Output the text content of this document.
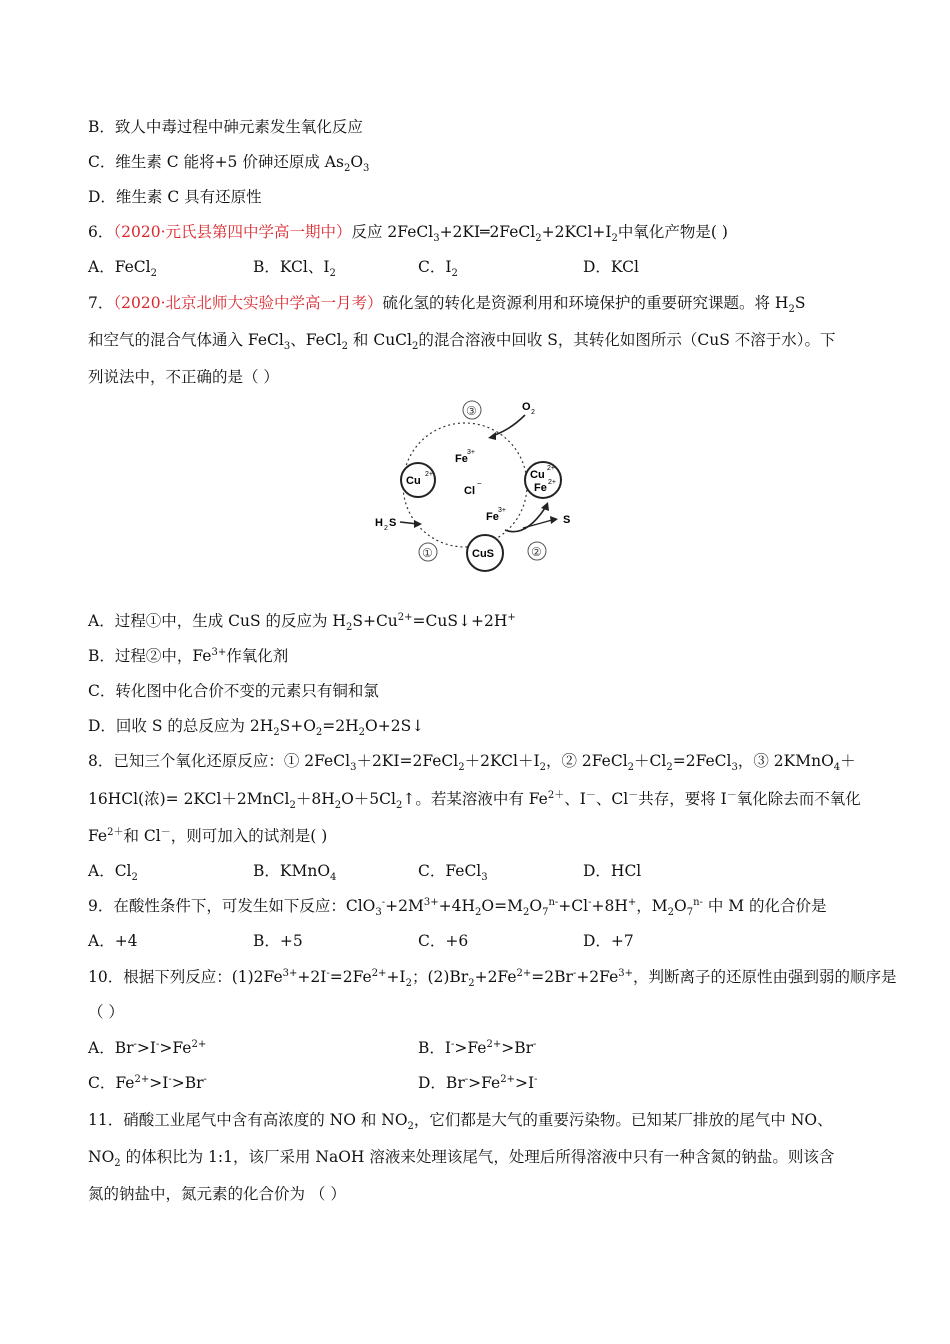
B．致人中毒过程中砷元素发生氧化反应
C．维生素 C 能将+5 价砷还原成 $As_2O_3$
D．维生素 C 具有还原性
6．（2020·元氏县第四中学高一期中）反应 $2FeCl_3+2KI═2FeCl_2+2KCl+I_2$中氧化产物是( )
A．FeCl$_2$	B．KCl、$I_2$	C．$I_2$	D．KCl
7．（2020·北京北师大实验中学高一月考）硫化氢的转化是资源利用和环境保护的重要研究课题。将 $H_2S$
和空气的混合气体通入 FeCl$_3$、FeCl$_2$ 和 CuCl$_2$的混合溶液中回收 S，其转化如图所示（CuS 不溶于水）。下
列说法中，不正确的是（ ）
Cu
2+	Cu
2+
Fe 2+
CuS
Cl
−
③	O 2
Fe
3+
H 2 S
①
Fe
3+
S
②
A．过程①中，生成 CuS 的反应为 $H_2S+Cu^{2+}=CuS↓+2H^+$
B．过程②中，$Fe^{3+}$作氧化剂
C．转化图中化合价不变的元素只有铜和氯
D．回收 S 的总反应为 $2H_2S+O_2=2H_2O+2S↓$
8．已知三个氧化还原反应：① $2FeCl_3+2KI=2FeCl_2+2KCl+I_2$，② $2FeCl_2+Cl_2=2FeCl_3$，③ 2KMnO$_4$＋
16HCl(浓)= $2KCl+2MnCl_2+8H_2O+5Cl_2↑$。若某溶液中有 $Fe^{2+}$、I－、Cl－共存，要将 I－氧化除去而不氧化
$Fe^{2+}$和 Cl－，则可加入的试剂是( )
A．$Cl_2$	B．KMnO$_4$	C．FeCl$_3$	D．HCl
9．在酸性条件下，可发生如下反应：$ClO_3^-+2M^{3+}+4H_2O=M_2O_7^{n-}+Cl^-+8H^+$，$M_2O_7^{n-}$ 中 M 的化合价是
A．+4	B．+5	C．+6	D．+7
10．根据下列反应：$(1)2Fe^{3+}+2I^-=2Fe^{2+}+I_2$；$(2)Br_2+2Fe^{2+}=2Br^-+2Fe^{3+}$，判断离子的还原性由强到弱的顺序是
（ ）
A．$Br^->I^->Fe^{2+}$	B．$I^->Fe^{2+}>Br^-$
C．$Fe^{2+}>I^->Br^-$	D．$Br^->Fe^{2+}>I^-$
11．硝酸工业尾气中含有高浓度的 NO 和 $NO_2$，它们都是大气的重要污染物。已知某厂排放的尾气中 NO、
$NO_2$ 的体积比为 1:1，该厂采用 NaOH 溶液来处理该尾气，处理后所得溶液中只有一种含氮的钠盐。则该含
氮的钠盐中，氮元素的化合价为 （ ）
